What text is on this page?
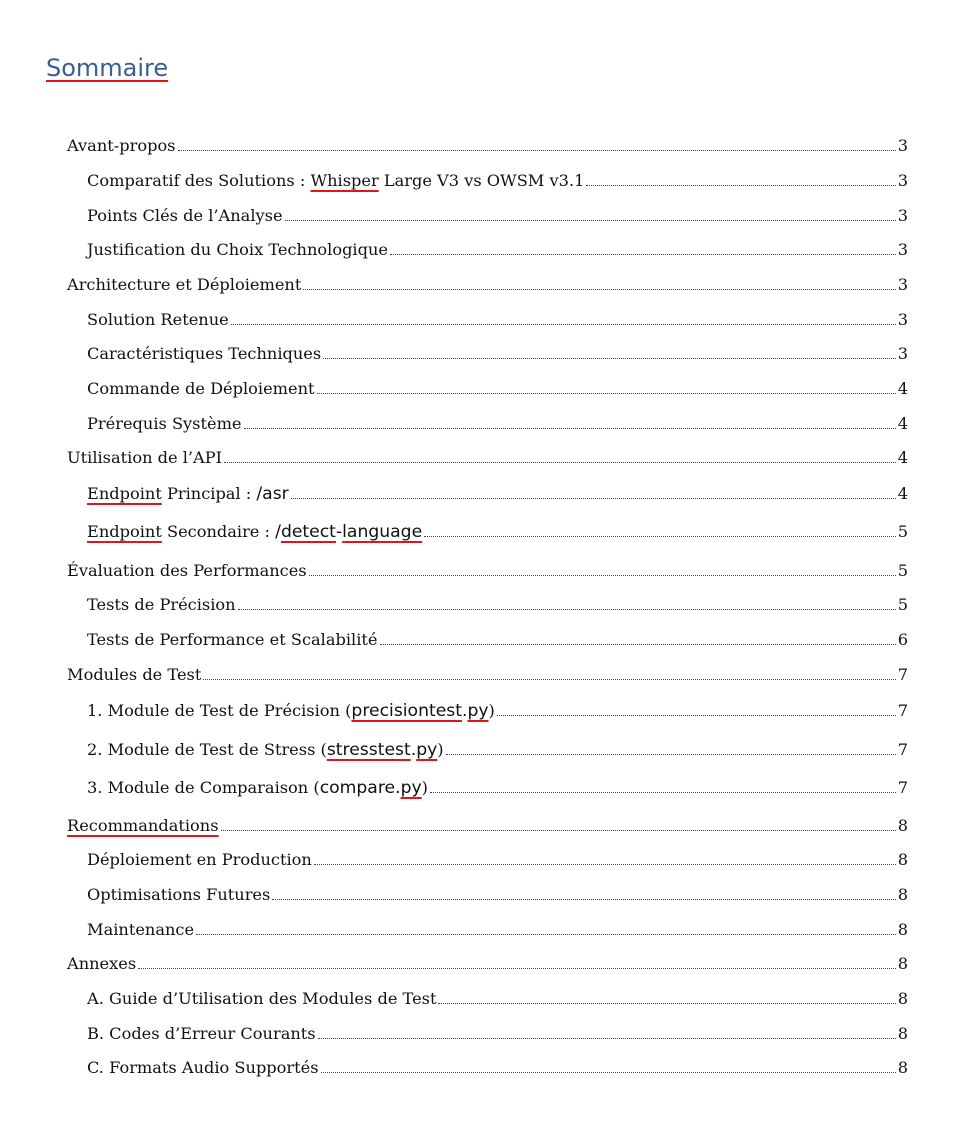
Sommaire
Avant-propos	3
Comparatif des Solutions : Whisper Large V3 vs OWSM v3.1	3
Points Clés de l’Analyse	3
Justification du Choix Technologique	3
Architecture et Déploiement	3
Solution Retenue	3
Caractéristiques Techniques	3
Commande de Déploiement	4
Prérequis Système	4
Utilisation de l’API	4
Endpoint Principal : /asr	4
Endpoint Secondaire : /detect-language	5
Évaluation des Performances	5
Tests de Précision	5
Tests de Performance et Scalabilité	6
Modules de Test	7
1. Module de Test de Précision (precisiontest.py)	7
2. Module de Test de Stress (stresstest.py)	7
3. Module de Comparaison (compare.py)	7
Recommandations	8
Déploiement en Production	8
Optimisations Futures	8
Maintenance	8
Annexes	8
A. Guide d’Utilisation des Modules de Test	8
B. Codes d’Erreur Courants	8
C. Formats Audio Supportés	8
